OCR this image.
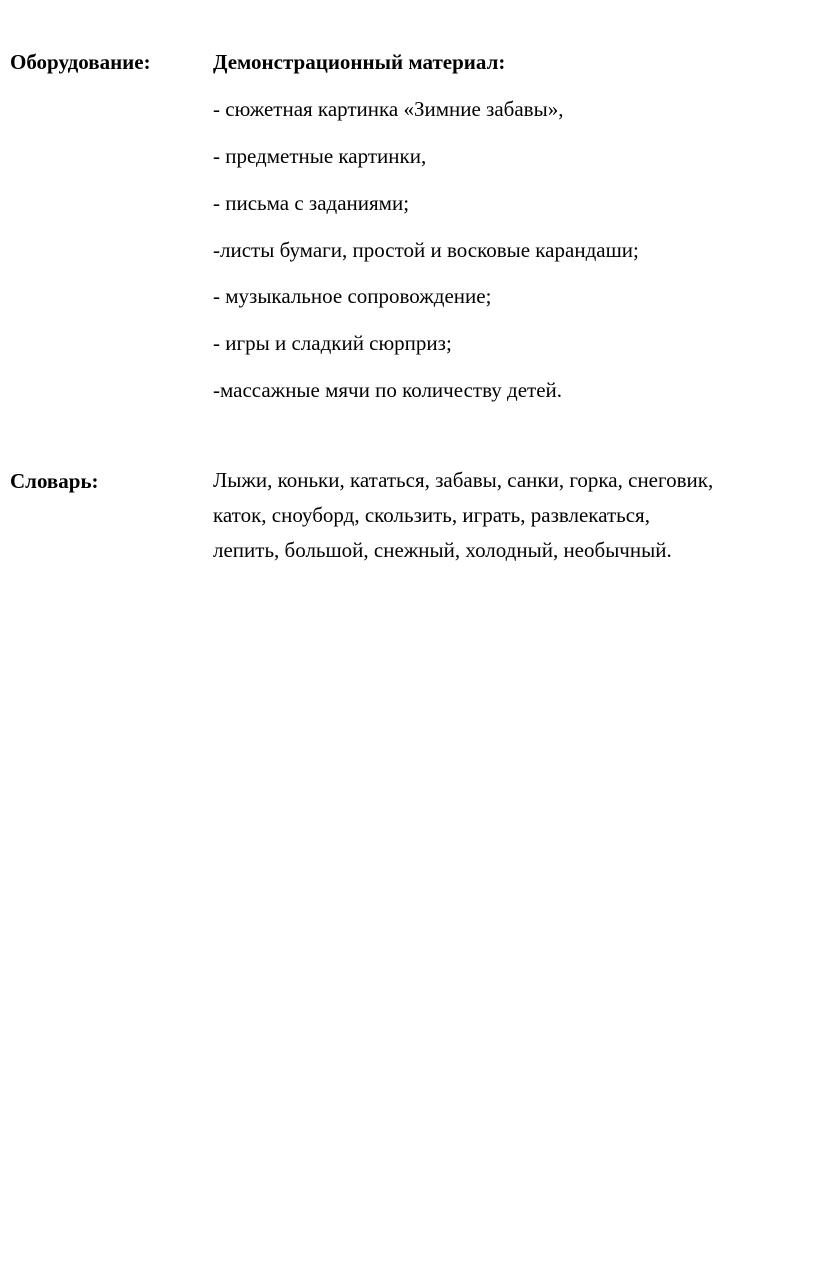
Оборудование:	Демонстрационный материал:
- сюжетная картинка «Зимние забавы»,
- предметные картинки,
- письма с заданиями;
-листы бумаги, простой и восковые карандаши;
- музыкальное сопровождение;
- игры и сладкий сюрприз;
-массажные мячи по количеству детей.
Словарь:	Лыжи, коньки, кататься, забавы, санки, горка, снеговик,
каток, сноуборд, скользить, играть, развлекаться,
лепить, большой, снежный, холодный, необычный.
